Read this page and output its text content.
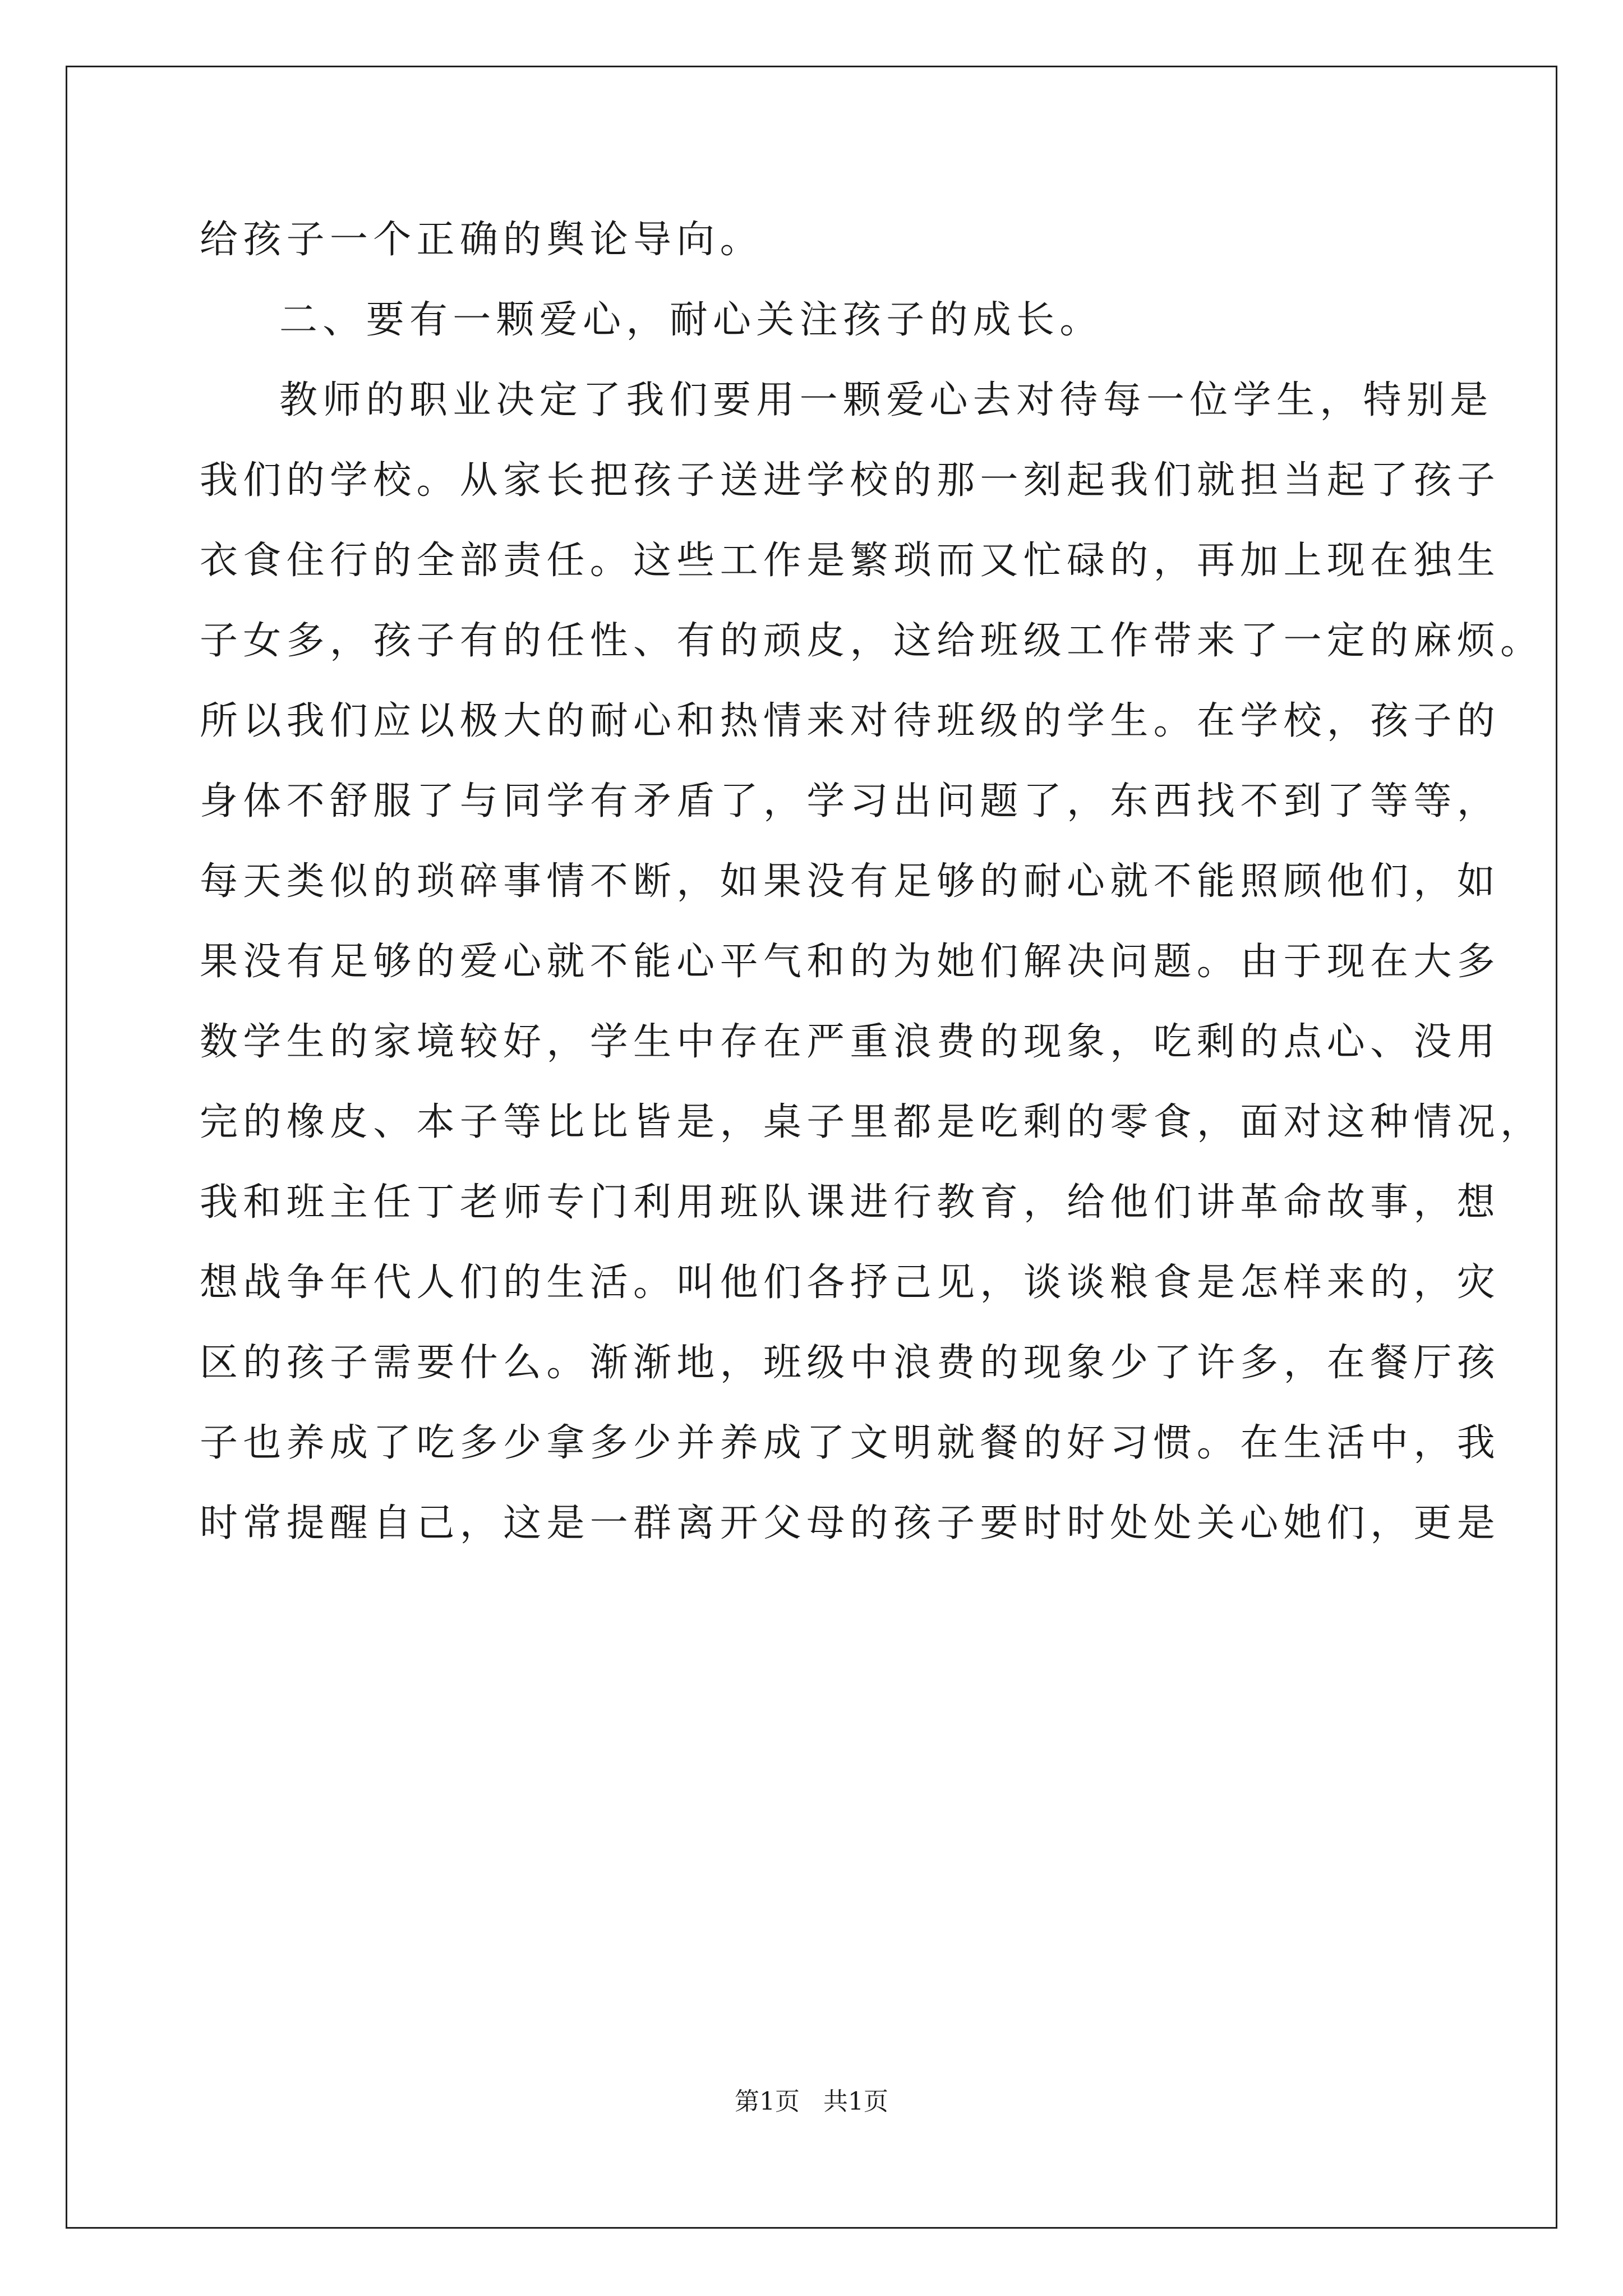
给孩子一个正确的舆论导向。
二、要有一颗爱心，耐心关注孩子的成长。
教师的职业决定了我们要用一颗爱心去对待每一位学生，特别是
我们的学校。从家长把孩子送进学校的那一刻起我们就担当起了孩子
衣食住行的全部责任。这些工作是繁琐而又忙碌的，再加上现在独生
子女多，孩子有的任性、有的顽皮，这给班级工作带来了一定的麻烦。
所以我们应以极大的耐心和热情来对待班级的学生。在学校，孩子的
身体不舒服了与同学有矛盾了，学习出问题了，东西找不到了等等，
每天类似的琐碎事情不断，如果没有足够的耐心就不能照顾他们，如
果没有足够的爱心就不能心平气和的为她们解决问题。由于现在大多
数学生的家境较好，学生中存在严重浪费的现象，吃剩的点心、没用
完的橡皮、本子等比比皆是，桌子里都是吃剩的零食，面对这种情况，
我和班主任丁老师专门利用班队课进行教育，给他们讲革命故事，想
想战争年代人们的生活。叫他们各抒己见，谈谈粮食是怎样来的，灾
区的孩子需要什么。渐渐地，班级中浪费的现象少了许多，在餐厅孩
子也养成了吃多少拿多少并养成了文明就餐的好习惯。在生活中，我
时常提醒自己，这是一群离开父母的孩子要时时处处关心她们，更是
第1页   共1页
